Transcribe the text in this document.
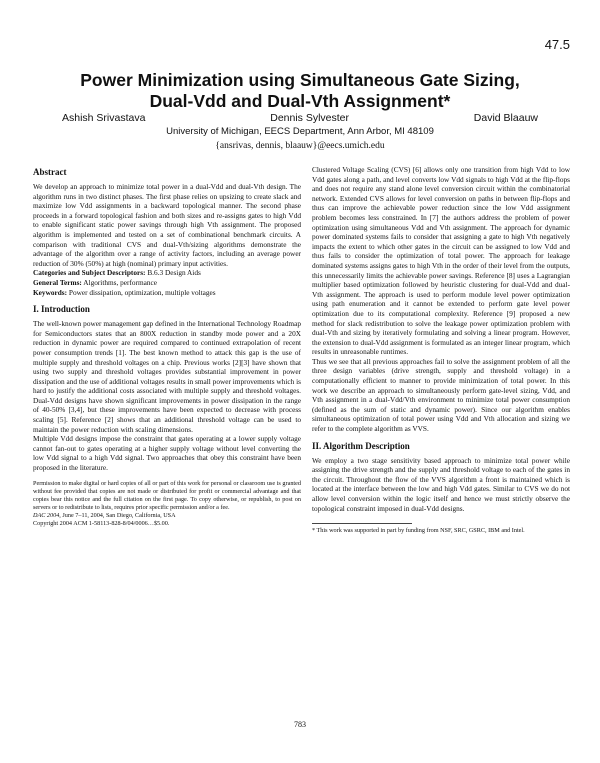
47.5
Power Minimization using Simultaneous Gate Sizing,
Dual-Vdd and Dual-Vth Assignment*
Ashish Srivastava	Dennis Sylvester	David Blaauw
University of Michigan, EECS Department, Ann Arbor, MI 48109
{ansrivas, dennis, blaauw}@eecs.umich.edu
Abstract

We develop an approach to minimize total power in a dual-Vdd and dual-Vth design. The algorithm runs in two distinct phases. The first phase relies on upsizing to create slack and maximize low Vdd assignments in a backward topological manner. The second phase proceeds in a forward topological fashion and both sizes and re-assigns gates to high Vdd to enable significant static power savings through high Vth assignment. The proposed algorithm is implemented and tested on a set of combinational benchmark circuits. A comparison with traditional CVS and dual-Vth/sizing algorithms demonstrate the advantage of the algorithm over a range of activity factors, including an average power reduction of 30% (50%) at high (nominal) primary input activities.

Categories and Subject Descriptors: B.6.3 Design Aids

General Terms: Algorithms, performance

Keywords: Power dissipation, optimization, multiple voltages

I. Introduction

The well-known power management gap defined in the International Technology Roadmap for Semiconductors states that an 800X reduction in standby mode power and a 20X reduction in dynamic power are required compared to continued extrapolation of recent power consumption trends [1]. The best known method to attack this gap is the use of multiple supply and threshold voltages on a chip. Previous works [2][3] have shown that using two supply and threshold voltages provides substantial improvement in power dissipation and the use of additional voltages results in small power improvements which is hard to justify the additional costs associated with multiple supply and threshold voltages. Dual-Vdd designs have shown significant improvements in power dissipation in the range of 40-50% [3,4], but these improvements have been expected to decrease with process scaling [5]. Reference [2] shows that an additional threshold voltage can be used to maintain the power reduction with scaling dimensions.

Multiple Vdd designs impose the constraint that gates operating at a lower supply voltage cannot fan-out to gates operating at a higher supply voltage without level converting the low Vdd signal to a high Vdd signal. Two approaches that obey this constraint have been proposed in the literature.

Permission to make digital or hard copies of all or part of this work for personal or classroom use is granted without fee provided that copies are not made or distributed for profit or commercial advantage and that copies bear this notice and the full citation on the first page. To copy otherwise, or republish, to post on servers or to redistribute to lists, requires prior specific permission and/or a fee.

DAC 2004, June 7–11, 2004, San Diego, California, USA

Copyright 2004 ACM 1-58113-828-8/04/0006…$5.00.

Clustered Voltage Scaling (CVS) [6] allows only one transition from high Vdd to low Vdd gates along a path, and level converts low Vdd signals to high Vdd at the flip-flops and does not require any stand alone level conversion circuit within the combinatorial network. Extended CVS allows for level conversion on paths in between flip-flops and thus can improve the achievable power reduction since the low Vdd assignment problem becomes less constrained. In [7] the authors address the problem of power optimization using simultaneous Vdd and Vth assignment. The approach for dynamic power dominated systems fails to consider that assigning a gate to high Vth negatively impacts the extent to which other gates in the circuit can be assigned to low Vdd and thus fails to consider the optimization of total power. The approach for leakage dominated systems assigns gates to high Vth in the order of their level from the outputs, this unnecessarily limits the achievable power savings. Reference [8] uses a Lagrangian multiplier based optimization followed by heuristic clustering for dual-Vdd and dual-Vth assignment. The approach is used to perform module level power optimization using path enumeration and it cannot be extended to perform gate level power optimization due to its computational complexity. Reference [9] proposed a new method for slack redistribution to solve the leakage power optimization problem with dual-Vth and sizing by iteratively formulating and solving a linear program. However, the extension to dual-Vdd assignment is formulated as an integer linear program, which results in unreasonable runtimes.

Thus we see that all previous approaches fail to solve the assignment problem of all the three design variables (drive strength, supply and threshold voltage) in a computationally efficient to manner to provide minimization of total power. In this work we describe an approach to simultaneously perform gate-level sizing, Vdd, and Vth assignment in a dual-Vdd/Vth environment to minimize total power consumption (defined as the sum of static and dynamic power). Since our algorithm enables simultaneous optimization of total power using Vdd and Vth allocation and sizing we refer to the complete algorithm as VVS.

II. Algorithm Description

We employ a two stage sensitivity based approach to minimize total power while assigning the drive strength and the supply and threshold voltage to each of the gates in the circuit. Throughout the flow of the VVS algorithm a front is maintained which is located at the interface between the low and high Vdd gates. Similar to CVS we do not allow level conversion within the logic itself and hence we must strictly observe the topological constraint imposed in dual-Vdd designs.

* This work was supported in part by funding from NSF, SRC, GSRC, IBM and Intel.

783
